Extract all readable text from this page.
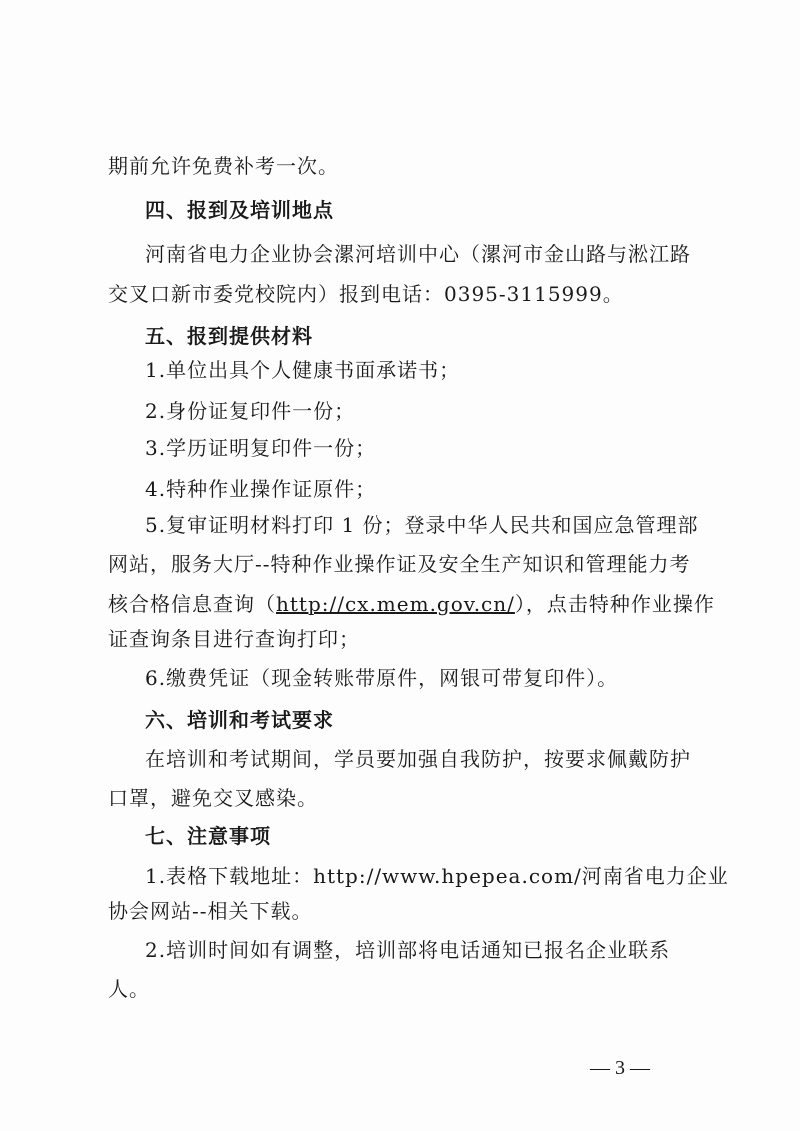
期前允许免费补考一次。
四、报到及培训地点
河南省电力企业协会漯河培训中心（漯河市金山路与淞江路
交叉口新市委党校院内）报到电话：0395-3115999。
五、报到提供材料
1.单位出具个人健康书面承诺书；
2.身份证复印件一份；
3.学历证明复印件一份；
4.特种作业操作证原件；
5.复审证明材料打印 1 份；登录中华人民共和国应急管理部
网站，服务大厅--特种作业操作证及安全生产知识和管理能力考
核合格信息查询（http://cx.mem.gov.cn/），点击特种作业操作
证查询条目进行查询打印；
6.缴费凭证（现金转账带原件，网银可带复印件）。
六、培训和考试要求
在培训和考试期间，学员要加强自我防护，按要求佩戴防护
口罩，避免交叉感染。
七、注意事项
1.表格下载地址：http://www.hpepea.com/河南省电力企业
协会网站--相关下载。
— 3 —
2.培训时间如有调整，培训部将电话通知已报名企业联系
人。
